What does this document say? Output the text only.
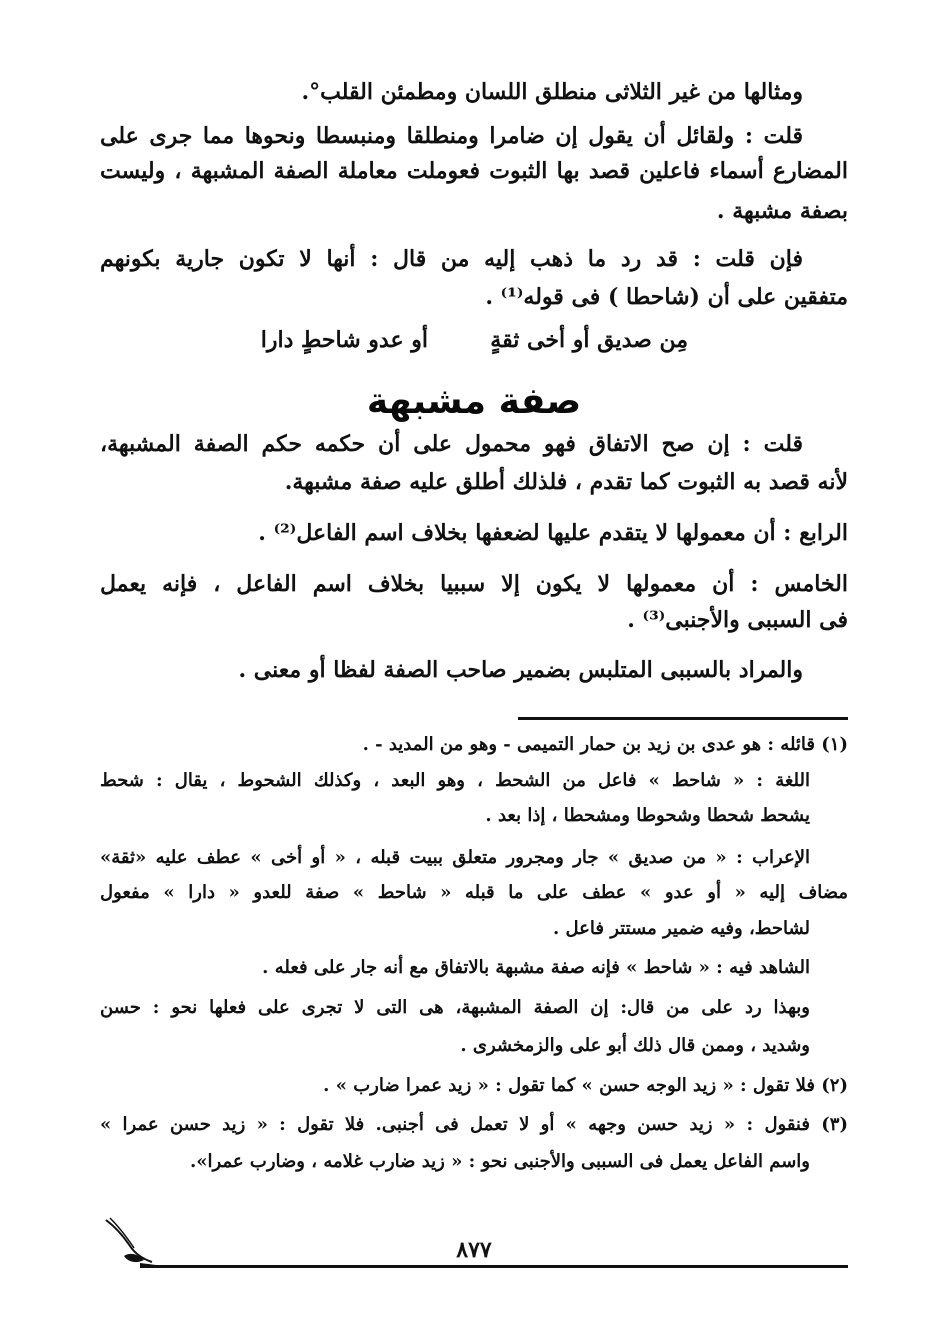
ومثالها من غير الثلاثى منطلق اللسان ومطمئن القلب°.
قلت : ولقائل أن يقول إن ضامرا ومنطلقا ومنبسطا ونحوها مما جرى على
المضارع أسماء فاعلين قصد بها الثبوت فعوملت معاملة الصفة المشبهة ، وليست
بصفة مشبهة .
فإن قلت : قد رد ما ذهب إليه من قال : أنها لا تكون جارية بكونهم
متفقين على أن (شاحطا ) فى قوله⁽¹⁾ .
مِن صديق أو أخى ثقةٍ
أو عدو شاحطٍ دارا
صفة مشبهة
قلت : إن صح الاتفاق فهو محمول على أن حكمه حكم الصفة المشبهة،
لأنه قصد به الثبوت كما تقدم ، فلذلك أطلق عليه صفة مشبهة.
الرابع : أن معمولها لا يتقدم عليها لضعفها بخلاف اسم الفاعل⁽²⁾ .
الخامس : أن معمولها لا يكون إلا سببيا بخلاف اسم الفاعل ، فإنه يعمل
فى السببى والأجنبى⁽³⁾ .
والمراد بالسببى المتلبس بضمير صاحب الصفة لفظا أو معنى .
(١) قائله : هو عدى بن زيد بن حمار التميمى - وهو من المديد - .
اللغة : « شاحط » فاعل من الشحط ، وهو البعد ، وكذلك الشحوط ، يقال : شحط
يشحط شحطا وشحوطا ومشحطا ، إذا بعد .
الإعراب : « من صديق » جار ومجرور متعلق ببيت قبله ، « أو أخى » عطف عليه «ثقة»
مضاف إليه « أو عدو » عطف على ما قبله « شاحط » صفة للعدو « دارا » مفعول
لشاحط، وفيه ضمير مستتر فاعل .
الشاهد فيه : « شاحط » فإنه صفة مشبهة بالاتفاق مع أنه جار على فعله .
وبهذا رد على من قال: إن الصفة المشبهة، هى التى لا تجرى على فعلها نحو : حسن
وشديد ، وممن قال ذلك أبو على والزمخشرى .
(٢) فلا تقول : « زيد الوجه حسن » كما تقول : « زيد عمرا ضارب » .
(٣) فنقول : « زيد حسن وجهه » أو لا تعمل فى أجنبى. فلا تقول : « زيد حسن عمرا »
واسم الفاعل يعمل فى السببى والأجنبى نحو : « زيد ضارب غلامه ، وضارب عمرا».
٨٧٧
